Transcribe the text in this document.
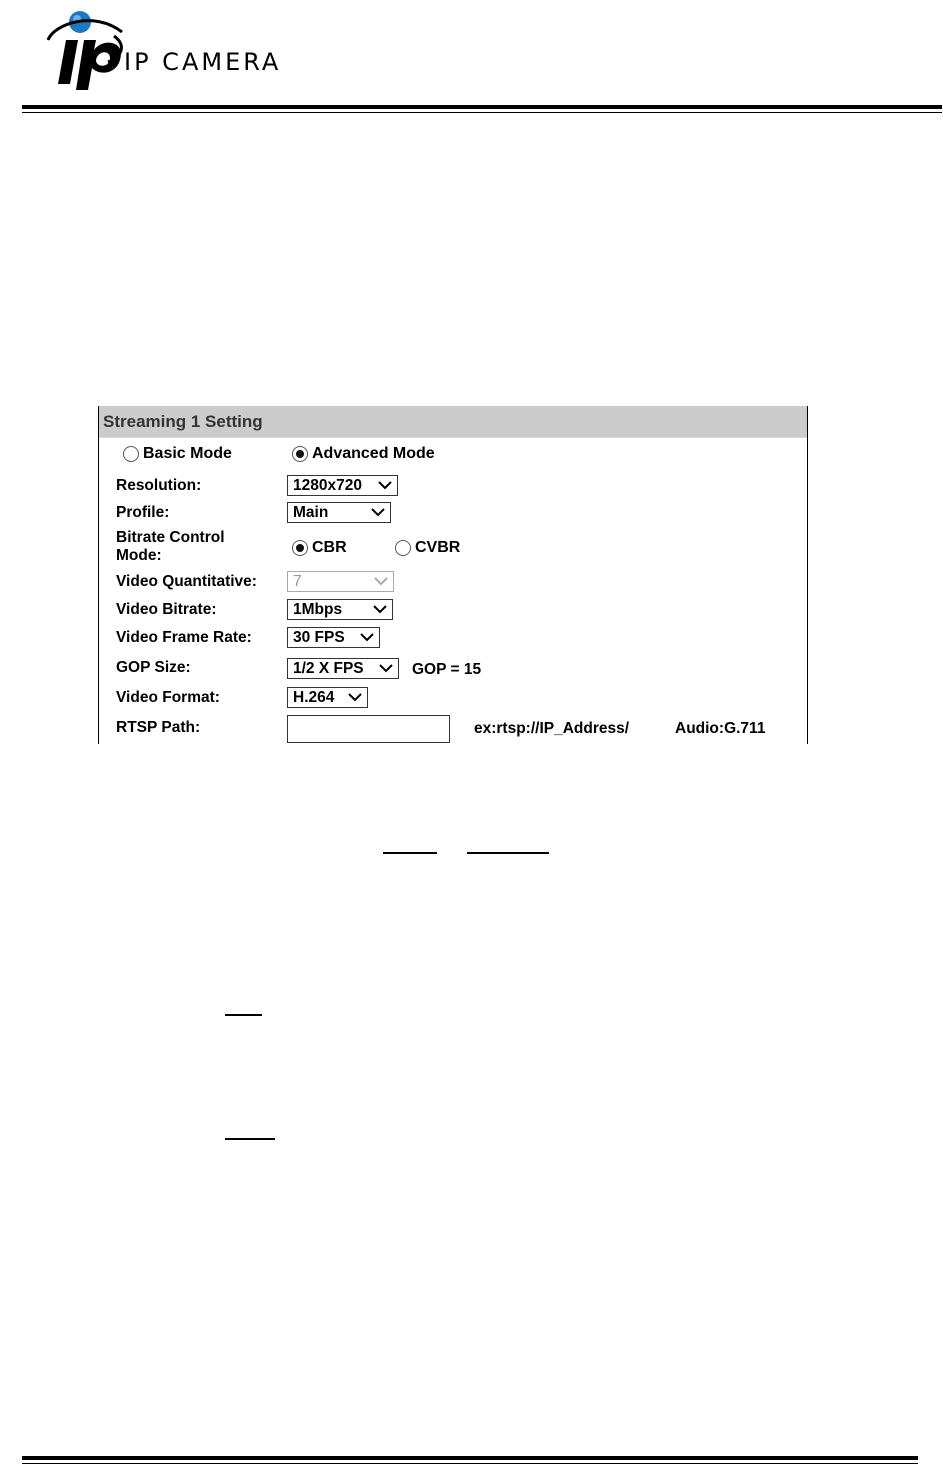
IP CAMERA
Streaming 1 Setting
Basic Mode	Advanced Mode
Resolution:	1280x720
Profile:	Main
Bitrate Control
Mode:	CBR	CVBR
Video Quantitative:	7
Video Bitrate:	1Mbps
Video Frame Rate:	30 FPS
GOP Size:	1/2 X FPS	GOP = 15
Video Format:	H.264
RTSP Path:	ex:rtsp://IP_Address/	Audio:G.711
